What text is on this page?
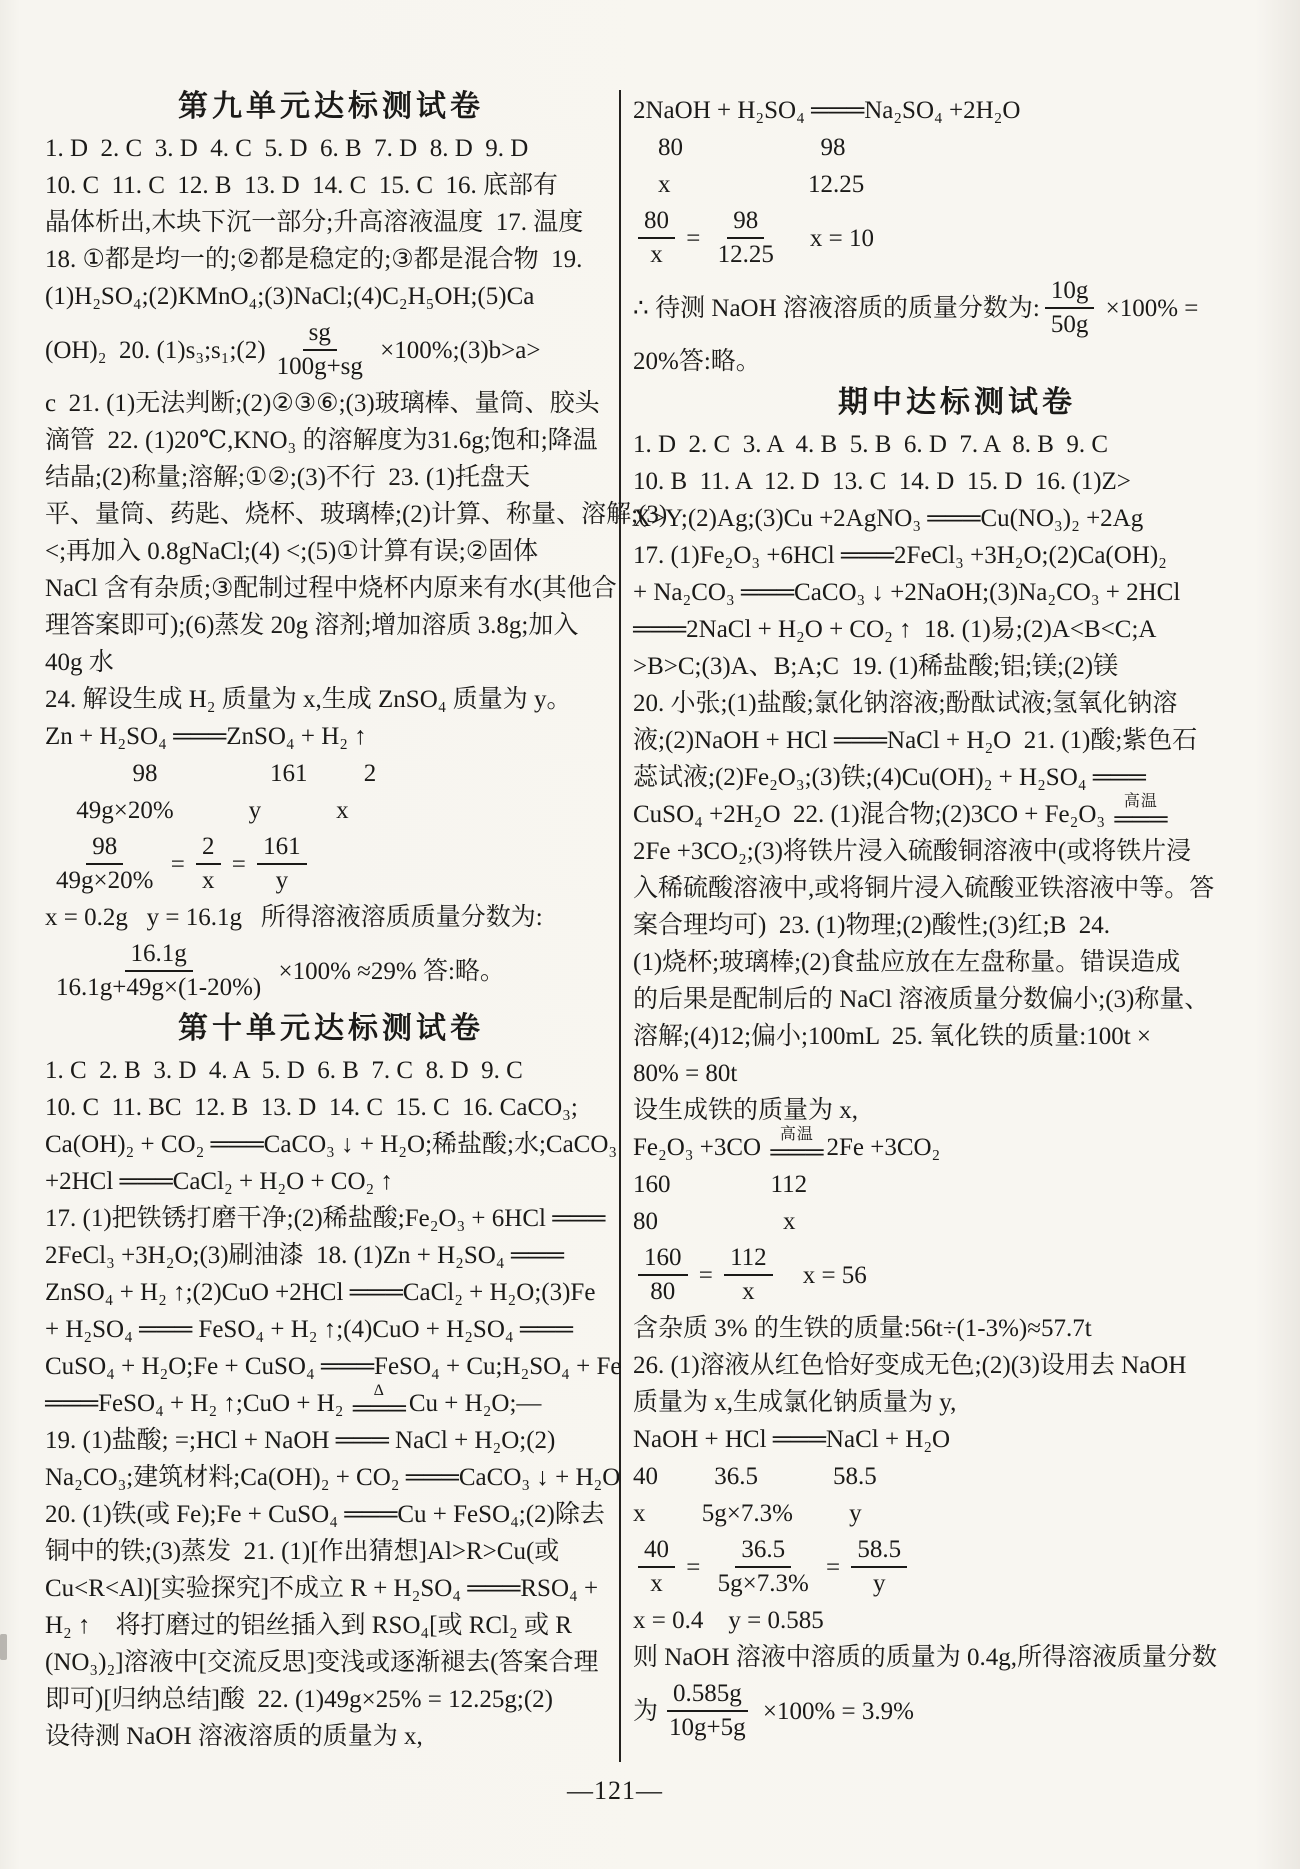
第九单元达标测试卷
1. D  2. C  3. D  4. C  5. D  6. B  7. D  8. D  9. D
10. C  11. C  12. B  13. D  14. C  15. C  16. 底部有
晶体析出,木块下沉一部分;升高溶液温度  17. 温度
18. ①都是均一的;②都是稳定的;③都是混合物  19.
(1)H₂SO₄;(2)KMnO₄;(3)NaCl;(4)C₂H₅OH;(5)Ca
(OH)₂  20. (1)s₃;s₁;(2) $\frac{sg}{100g+sg}$ ×100%;(3)b>a>
c  21. (1)无法判断;(2)②③⑥;(3)玻璃棒、量筒、胶头
滴管  22. (1)20℃,KNO₃ 的溶解度为31.6g;饱和;降温
结晶;(2)称量;溶解;①②;(3)不行  23. (1)托盘天
平、量筒、药匙、烧杯、玻璃棒;(2)计算、称量、溶解;(3)
<;再加入 0.8gNaCl;(4) <;(5)①计算有误;②固体
NaCl 含有杂质;③配制过程中烧杯内原来有水(其他合
理答案即可);(6)蒸发 20g 溶剂;增加溶质 3.8g;加入
40g 水
24. 解设生成 H₂ 质量为 x,生成 ZnSO₄ 质量为 y。
Zn + H₂SO₄ ═══ZnSO₄ + H₂ ↑
98                  161         2
49g×20%            y            x
$\frac{98}{49g\times 20\%} = \frac{2}{x} = \frac{161}{y}$
x = 0.2g   y = 16.1g   所得溶液溶质质量分数为:
$\frac{16.1g}{16.1g+49g\times(1-20\%)} \times 100\% \approx 29\%$ 答:略。
第十单元达标测试卷
1. C  2. B  3. D  4. A  5. D  6. B  7. C  8. D  9. C
10. C  11. BC  12. B  13. D  14. C  15. C  16. CaCO₃;
Ca(OH)₂ + CO₂ ═══CaCO₃ ↓ + H₂O;稀盐酸;水;CaCO₃
+2HCl ═══CaCl₂ + H₂O + CO₂ ↑
17. (1)把铁锈打磨干净;(2)稀盐酸;Fe₂O₃ + 6HCl ═══
2FeCl₃ +3H₂O;(3)刷油漆  18. (1)Zn + H₂SO₄ ═══
ZnSO₄ + H₂ ↑;(2)CuO +2HCl ═══CaCl₂ + H₂O;(3)Fe
+ H₂SO₄ ═══ FeSO₄ + H₂ ↑;(4)CuO + H₂SO₄ ═══
CuSO₄ + H₂O;Fe + CuSO₄ ═══FeSO₄ + Cu;H₂SO₄ + Fe
═══FeSO₄ + H₂ ↑;CuO + H₂ Δ
═══ Cu + H₂O;—
19. (1)盐酸; =;HCl + NaOH ═══ NaCl + H₂O;(2)
Na₂CO₃;建筑材料;Ca(OH)₂ + CO₂ ═══CaCO₃ ↓ + H₂O
20. (1)铁(或 Fe);Fe + CuSO₄ ═══Cu + FeSO₄;(2)除去
铜中的铁;(3)蒸发  21. (1)[作出猜想]Al>R>Cu(或
Cu<R<Al)[实验探究]不成立 R + H₂SO₄ ═══RSO₄ +
H₂ ↑    将打磨过的铝丝插入到 RSO₄[或 RCl₂ 或 R
(NO₃)₂]溶液中[交流反思]变浅或逐渐褪去(答案合理
即可)[归纳总结]酸  22. (1)49g×25% = 12.25g;(2)
设待测 NaOH 溶液溶质的质量为 x,
2NaOH + H₂SO₄ ═══Na₂SO₄ +2H₂O
80                      98
x                      12.25
$\frac{80}{x} = \frac{98}{12.25}$ x = 10
∴ 待测 NaOH 溶液溶质的质量分数为: $\frac{10g}{50g} \times 100\%$ =
20%答:略。
期中达标测试卷
1. D  2. C  3. A  4. B  5. B  6. D  7. A  8. B  9. C
10. B  11. A  12. D  13. C  14. D  15. D  16. (1)Z>
X>Y;(2)Ag;(3)Cu +2AgNO₃ ═══Cu(NO₃)₂ +2Ag
17. (1)Fe₂O₃ +6HCl ═══2FeCl₃ +3H₂O;(2)Ca(OH)₂
+ Na₂CO₃ ═══CaCO₃ ↓ +2NaOH;(3)Na₂CO₃ + 2HCl
═══2NaCl + H₂O + CO₂ ↑  18. (1)易;(2)A<B<C;A
>B>C;(3)A、B;A;C  19. (1)稀盐酸;铝;镁;(2)镁
20. 小张;(1)盐酸;氯化钠溶液;酚酞试液;氢氧化钠溶
液;(2)NaOH + HCl ═══NaCl + H₂O  21. (1)酸;紫色石
蕊试液;(2)Fe₂O₃;(3)铁;(4)Cu(OH)₂ + H₂SO₄ ═══
CuSO₄ +2H₂O  22. (1)混合物;(2)3CO + Fe₂O₃ 高温
═══
2Fe +3CO₂;(3)将铁片浸入硫酸铜溶液中(或将铁片浸
入稀硫酸溶液中,或将铜片浸入硫酸亚铁溶液中等。答
案合理均可)  23. (1)物理;(2)酸性;(3)红;B  24.
(1)烧杯;玻璃棒;(2)食盐应放在左盘称量。错误造成
的后果是配制后的 NaCl 溶液质量分数偏小;(3)称量、
溶解;(4)12;偏小;100mL  25. 氧化铁的质量:100t ×
80% = 80t
设生成铁的质量为 x,
Fe₂O₃ +3CO 高温
═══ 2Fe +3CO₂
160                112
80                    x
$\frac{160}{80} = \frac{112}{x}$ x = 56
含杂质 3% 的生铁的质量:56t÷(1-3%)≈57.7t
26. (1)溶液从红色恰好变成无色;(2)(3)设用去 NaOH
质量为 x,生成氯化钠质量为 y,
NaOH + HCl ═══NaCl + H₂O
40         36.5            58.5
x         5g×7.3%         y
$\frac{40}{x} = \frac{36.5}{5g\times 7.3\%} = \frac{58.5}{y}$
x = 0.4    y = 0.585
则 NaOH 溶液中溶质的质量为 0.4g,所得溶液质量分数
为 $\frac{0.585g}{10g+5g} \times 100\% = 3.9\%$
—121—
